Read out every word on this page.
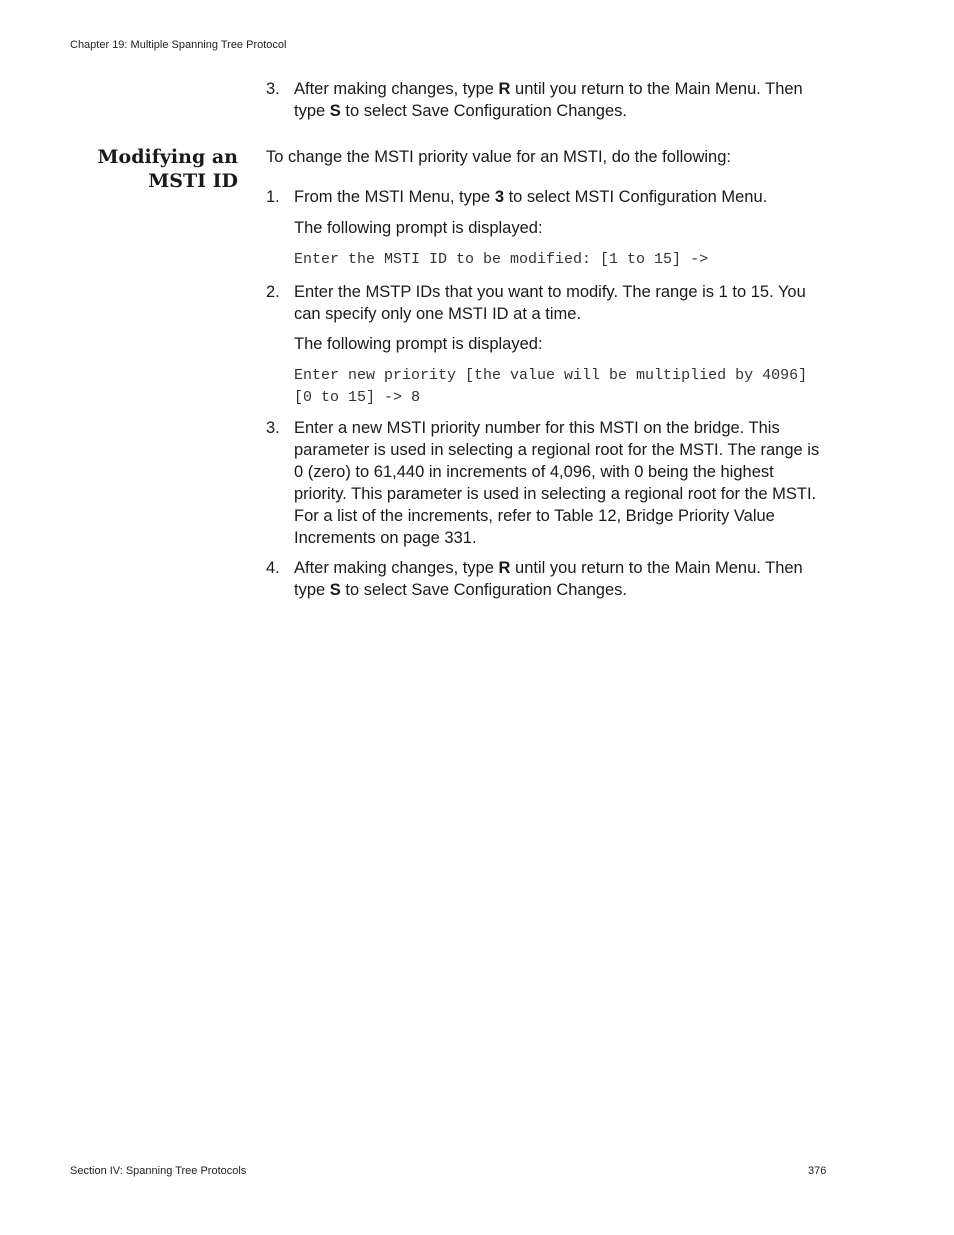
Chapter 19: Multiple Spanning Tree Protocol
3. After making changes, type R until you return to the Main Menu. Then type S to select Save Configuration Changes.
Modifying an
MSTI ID
To change the MSTI priority value for an MSTI, do the following:
1. From the MSTI Menu, type 3 to select MSTI Configuration Menu.
The following prompt is displayed:
Enter the MSTI ID to be modified: [1 to 15] ->
2. Enter the MSTP IDs that you want to modify. The range is 1 to 15. You can specify only one MSTI ID at a time.
The following prompt is displayed:
Enter new priority [the value will be multiplied by 4096] [0 to 15] -> 8
3. Enter a new MSTI priority number for this MSTI on the bridge. This parameter is used in selecting a regional root for the MSTI. The range is 0 (zero) to 61,440 in increments of 4,096, with 0 being the highest priority. This parameter is used in selecting a regional root for the MSTI. For a list of the increments, refer to Table 12, Bridge Priority Value Increments on page 331.
4. After making changes, type R until you return to the Main Menu. Then type S to select Save Configuration Changes.
Section IV: Spanning Tree Protocols	376
